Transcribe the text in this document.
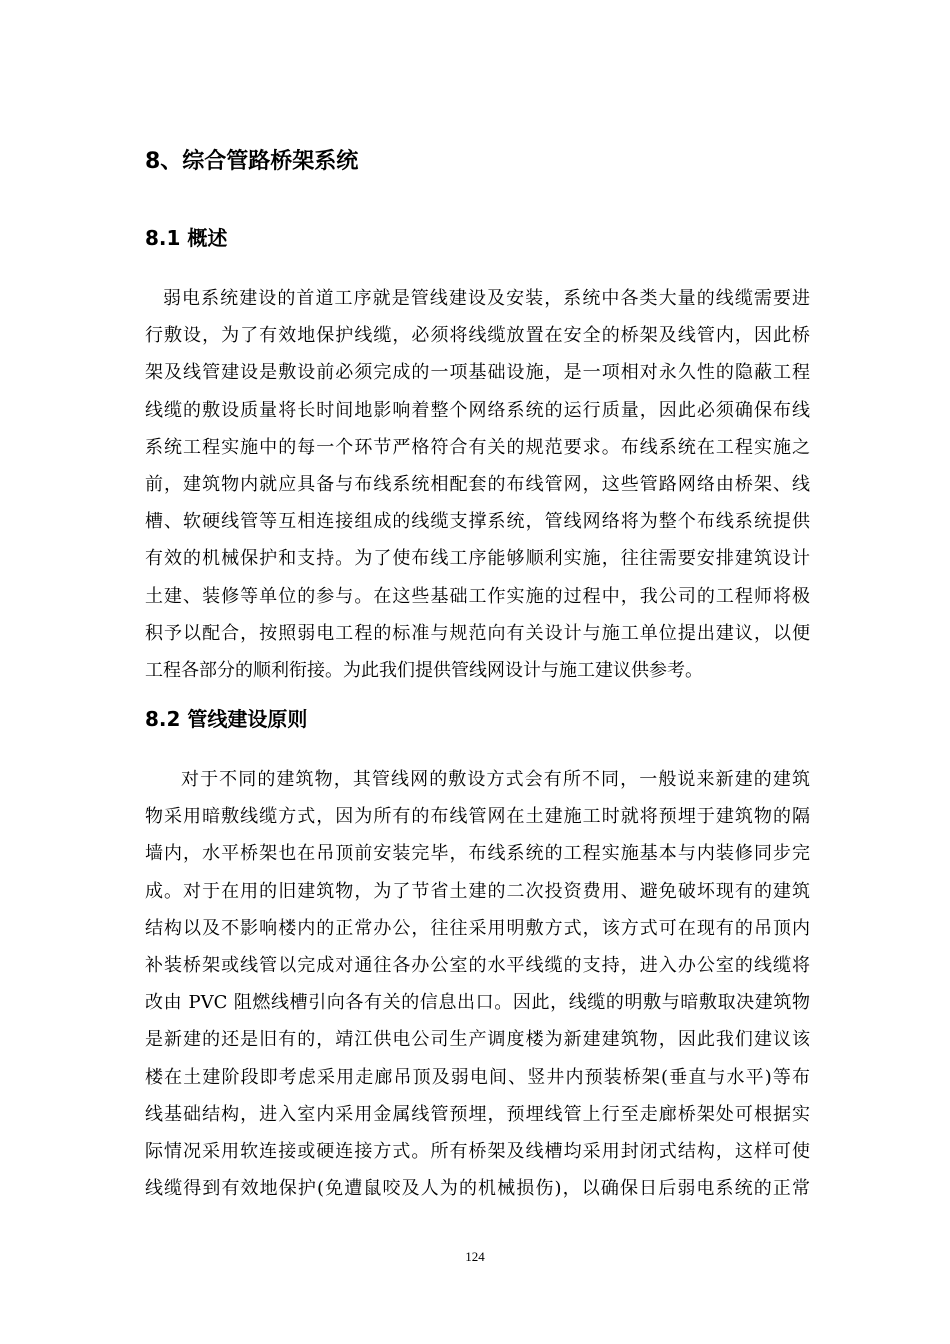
8、综合管路桥架系统
8.1 概述
弱电系统建设的首道工序就是管线建设及安装，系统中各类大量的线缆需要进
行敷设，为了有效地保护线缆，必须将线缆放置在安全的桥架及线管内，因此桥
架及线管建设是敷设前必须完成的一项基础设施，是一项相对永久性的隐蔽工程
线缆的敷设质量将长时间地影响着整个网络系统的运行质量，因此必须确保布线
系统工程实施中的每一个环节严格符合有关的规范要求。布线系统在工程实施之
前，建筑物内就应具备与布线系统相配套的布线管网，这些管路网络由桥架、线
槽、软硬线管等互相连接组成的线缆支撑系统，管线网络将为整个布线系统提供
有效的机械保护和支持。为了使布线工序能够顺利实施，往往需要安排建筑设计
土建、装修等单位的参与。在这些基础工作实施的过程中，我公司的工程师将极
积予以配合，按照弱电工程的标准与规范向有关设计与施工单位提出建议，以便
工程各部分的顺利衔接。为此我们提供管线网设计与施工建议供参考。
8.2 管线建设原则
对于不同的建筑物，其管线网的敷设方式会有所不同，一般说来新建的建筑
物采用暗敷线缆方式，因为所有的布线管网在土建施工时就将预埋于建筑物的隔
墙内，水平桥架也在吊顶前安装完毕，布线系统的工程实施基本与内装修同步完
成。对于在用的旧建筑物，为了节省土建的二次投资费用、避免破坏现有的建筑
结构以及不影响楼内的正常办公，往往采用明敷方式，该方式可在现有的吊顶内
补装桥架或线管以完成对通往各办公室的水平线缆的支持，进入办公室的线缆将
改由 PVC 阻燃线槽引向各有关的信息出口。因此，线缆的明敷与暗敷取决建筑物
是新建的还是旧有的，靖江供电公司生产调度楼为新建建筑物，因此我们建议该
楼在土建阶段即考虑采用走廊吊顶及弱电间、竖井内预装桥架(垂直与水平)等布
线基础结构，进入室内采用金属线管预埋，预埋线管上行至走廊桥架处可根据实
际情况采用软连接或硬连接方式。所有桥架及线槽均采用封闭式结构，这样可使
线缆得到有效地保护(免遭鼠咬及人为的机械损伤)，以确保日后弱电系统的正常
124
